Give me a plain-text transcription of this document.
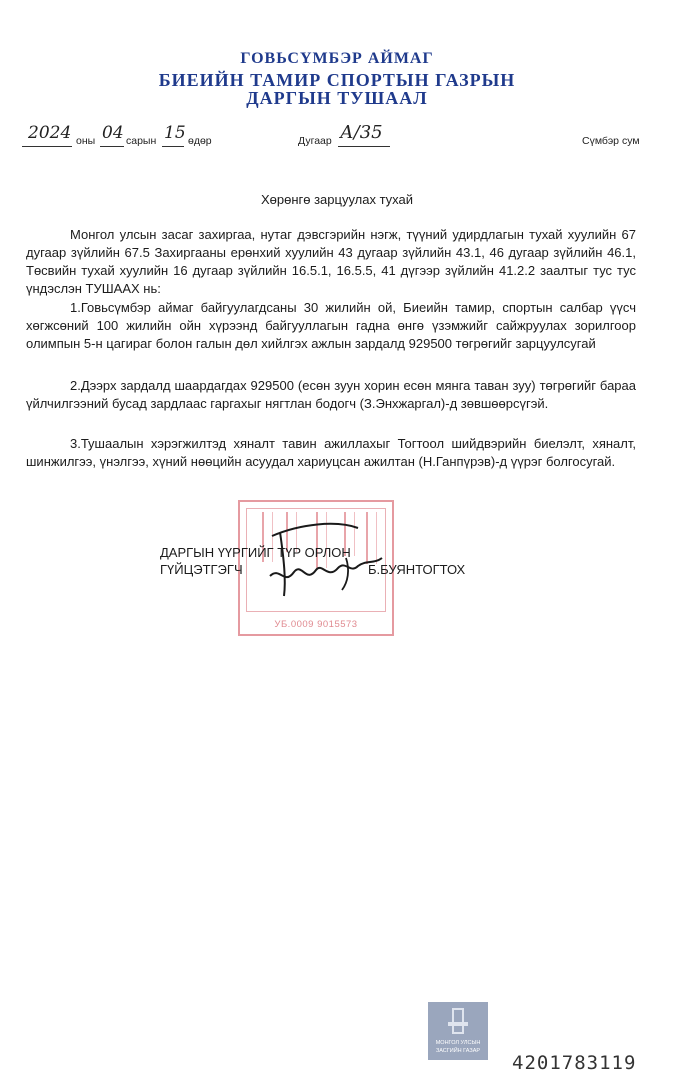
ГОВЬСҮМБЭР АЙМАГ
БИЕИЙН ТАМИР СПОРТЫН ГАЗРЫН
ДАРГЫН ТУШААЛ
2024 оны 04 сарын 15 өдөр	Дугаар А/35	Сүмбэр сум
Хөрөнгө зарцуулах тухай

Монгол улсын засаг захиргаа, нутаг дэвсгэрийн нэгж, түүний удирдлагын тухай хуулийн 67 дугаар зүйлийн 67.5 Захиргааны ерөнхий хуулийн 43 дугаар зүйлийн 43.1, 46 дугаар зүйлийн 46.1, Төсвийн тухай хуулийн 16 дугаар зүйлийн 16.5.1, 16.5.5, 41 дүгээр зүйлийн 41.2.2 заалтыг тус тус үндэслэн ТУШААХ нь:

1.Говьсүмбэр аймаг байгуулагдсаны 30 жилийн ой, Биеийн тамир, спортын салбар үүсч хөгжсөний 100 жилийн ойн хүрээнд байгууллагын гадна өнгө үзэмжийг сайжруулах зорилгоор олимпын 5-н цагираг болон галын дөл хийлгэх ажлын зардалд 929500 төгрөгийг зарцуулсугай

2.Дээрх зардалд шаардагдах 929500 (есөн зуун хорин есөн мянга таван зуу) төгрөгийг бараа үйлчилгээний бусад зардлаас гаргахыг нягтлан бодогч (З.Энхжаргал)-д зөвшөөрсүгэй.

3.Тушаалын хэрэгжилтэд хяналт тавин ажиллахыг Тогтоол шийдвэрийн биелэлт, хяналт, шинжилгээ, үнэлгээ, хүний нөөцийн асуудал хариуцсан ажилтан (Н.Ганпүрэв)-д үүрэг болгосугай.

УБ.0009 9015573
ДАРГЫН ҮҮРГИЙГ ТҮР ОРЛОН
ГҮЙЦЭТГЭГЧ	Б.БУЯНТОГТОХ
МОНГОЛ УЛСЫН
ЗАСГИЙН ГАЗАР
4201783119
